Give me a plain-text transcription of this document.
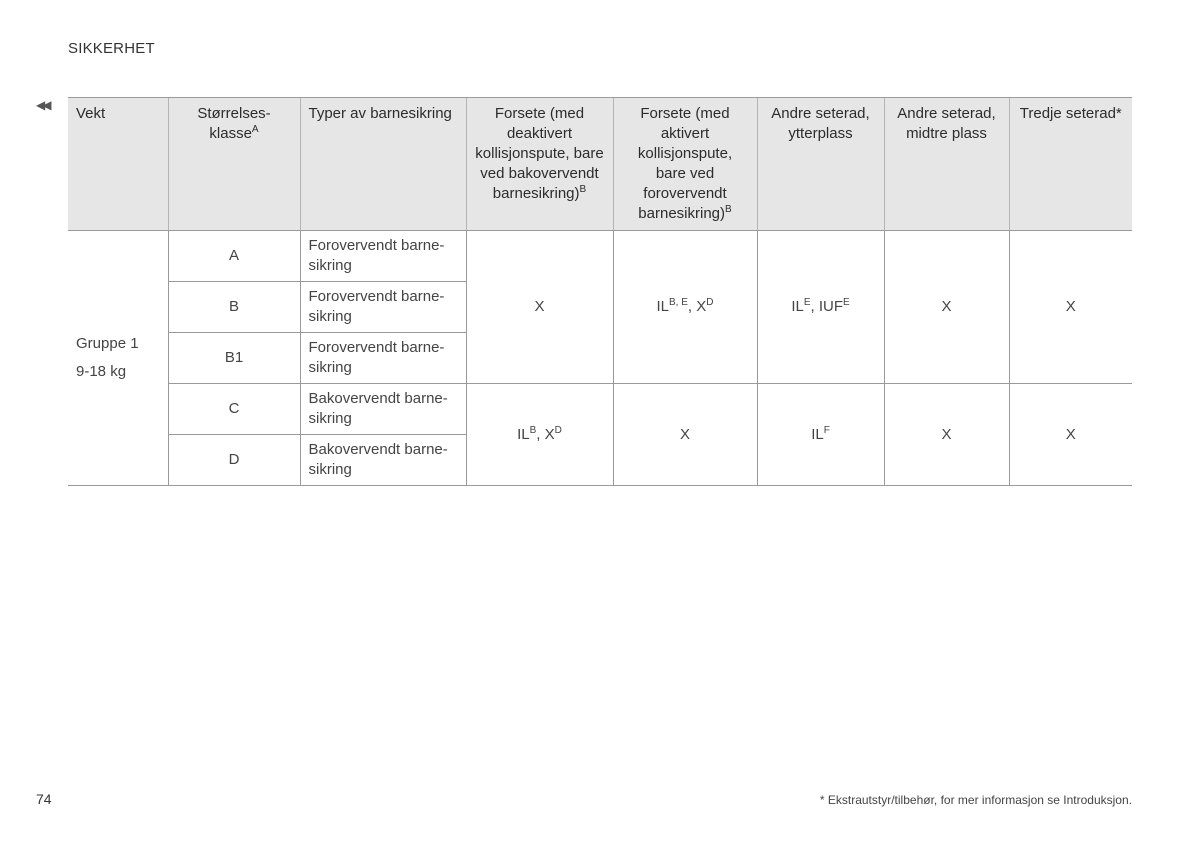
SIKKERHET
◀◀ Vekt	Størrelses-klasse$^A$	Typer av barnesikring	Forsete (med deaktivert kollisjonspute, bare ved bakovervendt barnesikring)$^B$	Forsete (med aktivert kollisjonspute, bare ved forovervendt barnesikring)$^B$	Andre seterad, ytterplass	Andre seterad, midtre plass	Tredje seterad*

Gruppe 1
9-18 kg	A	Forovervendt barne-sikring	X	$IL^{B, E}$, $X^D$	$IL^E$, $IUF^E$	X	X
	B	Forovervendt barne-sikring					
	B1	Forovervendt barne-sikring					
	C	Bakovervendt barne-sikring	$IL^B$, $X^D$	X	$IL^F$	X	X
	D	Bakovervendt barne-sikring					
74	* Ekstrautstyr/tilbehør, for mer informasjon se Introduksjon.
